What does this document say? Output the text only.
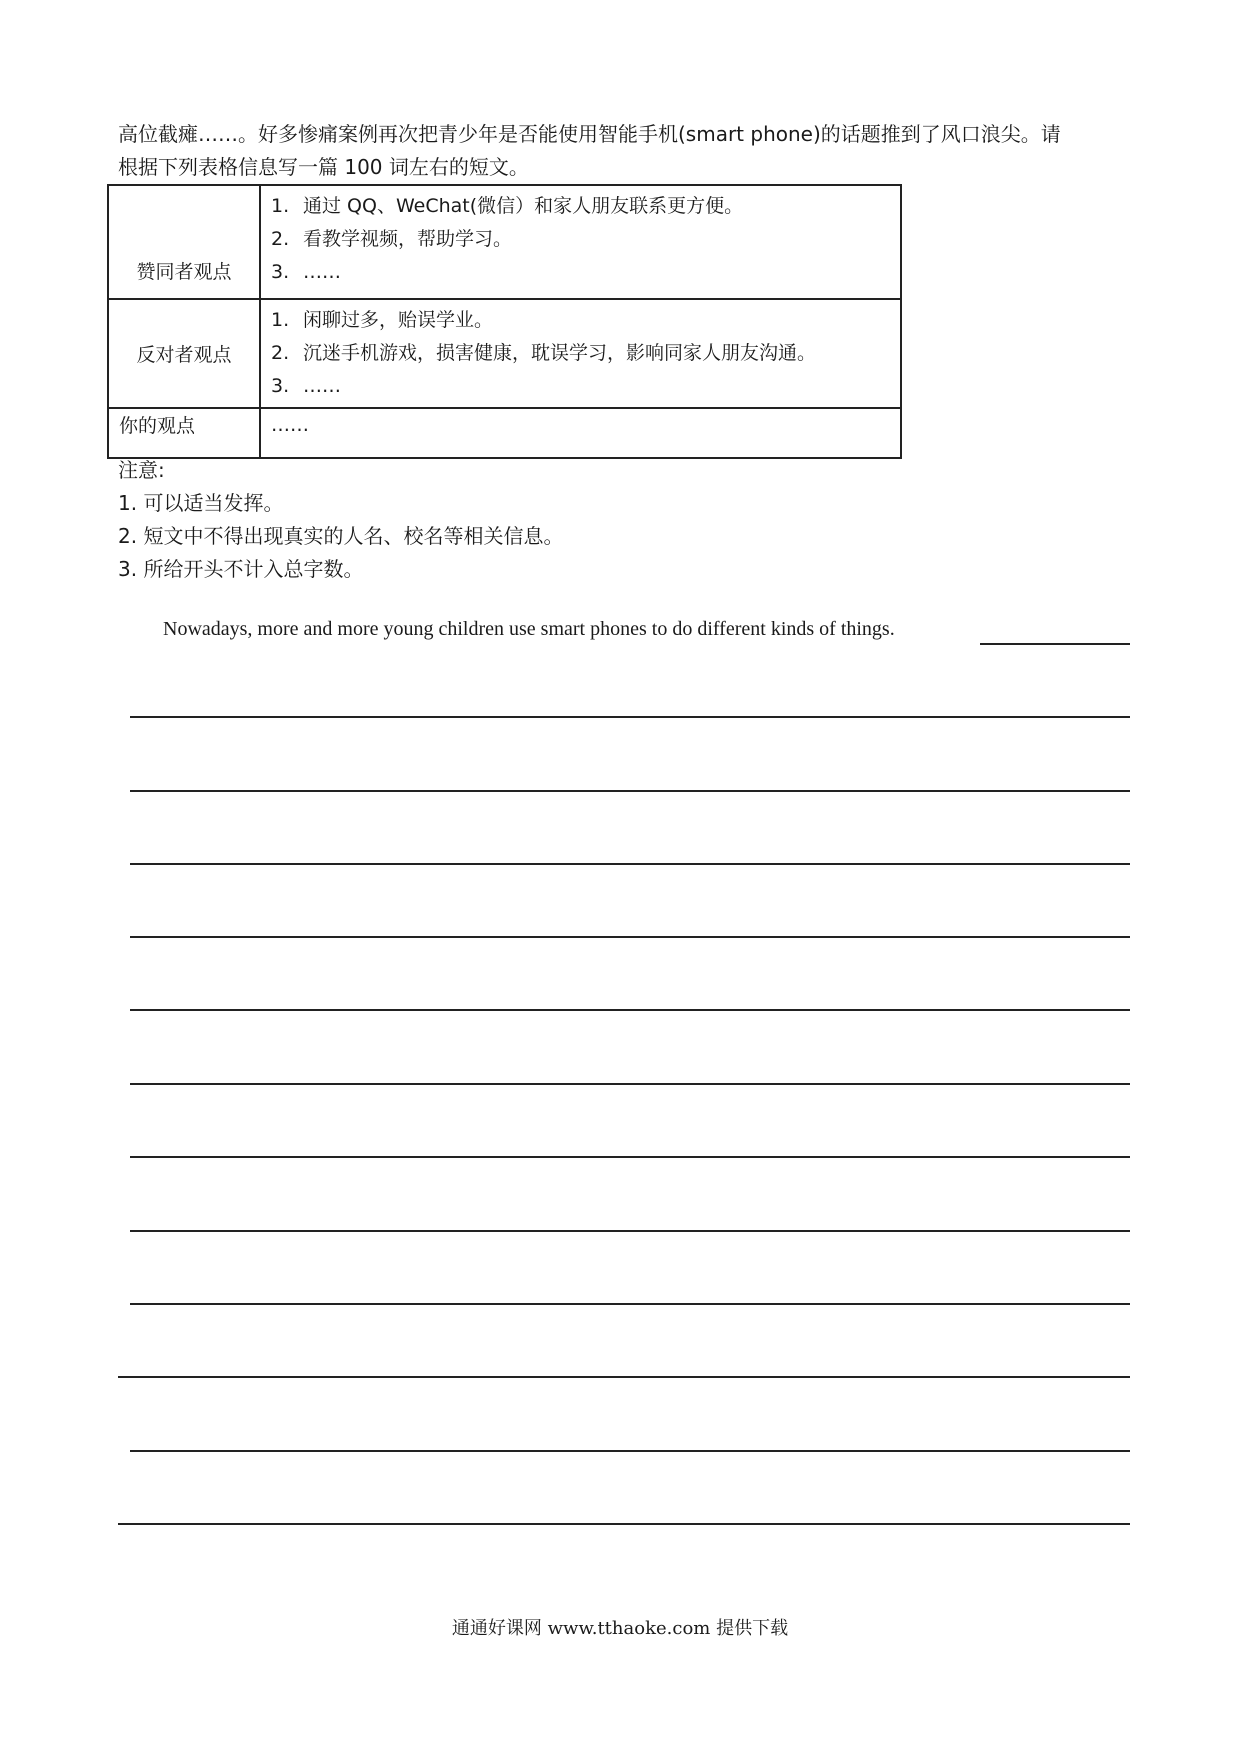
高位截瘫……。好多惨痛案例再次把青少年是否能使用智能手机(smart phone)的话题推到了风口浪尖。请

根据下列表格信息写一篇 100 词左右的短文。

赞同者观点	1. 通过 QQ、WeChat(微信）和家人朋友联系更方便。
2. 看教学视频，帮助学习。
3. ……

反对者观点	1. 闲聊过多，贻误学业。
2. 沉迷手机游戏，损害健康，耽误学习，影响同家人朋友沟通。
3. ……

你的观点	……
注意:
1. 可以适当发挥。
2. 短文中不得出现真实的人名、校名等相关信息。
3. 所给开头不计入总字数。
Nowadays, more and more young children use smart phones to do different kinds of things.
通通好课网 www.tthaoke.com 提供下载
